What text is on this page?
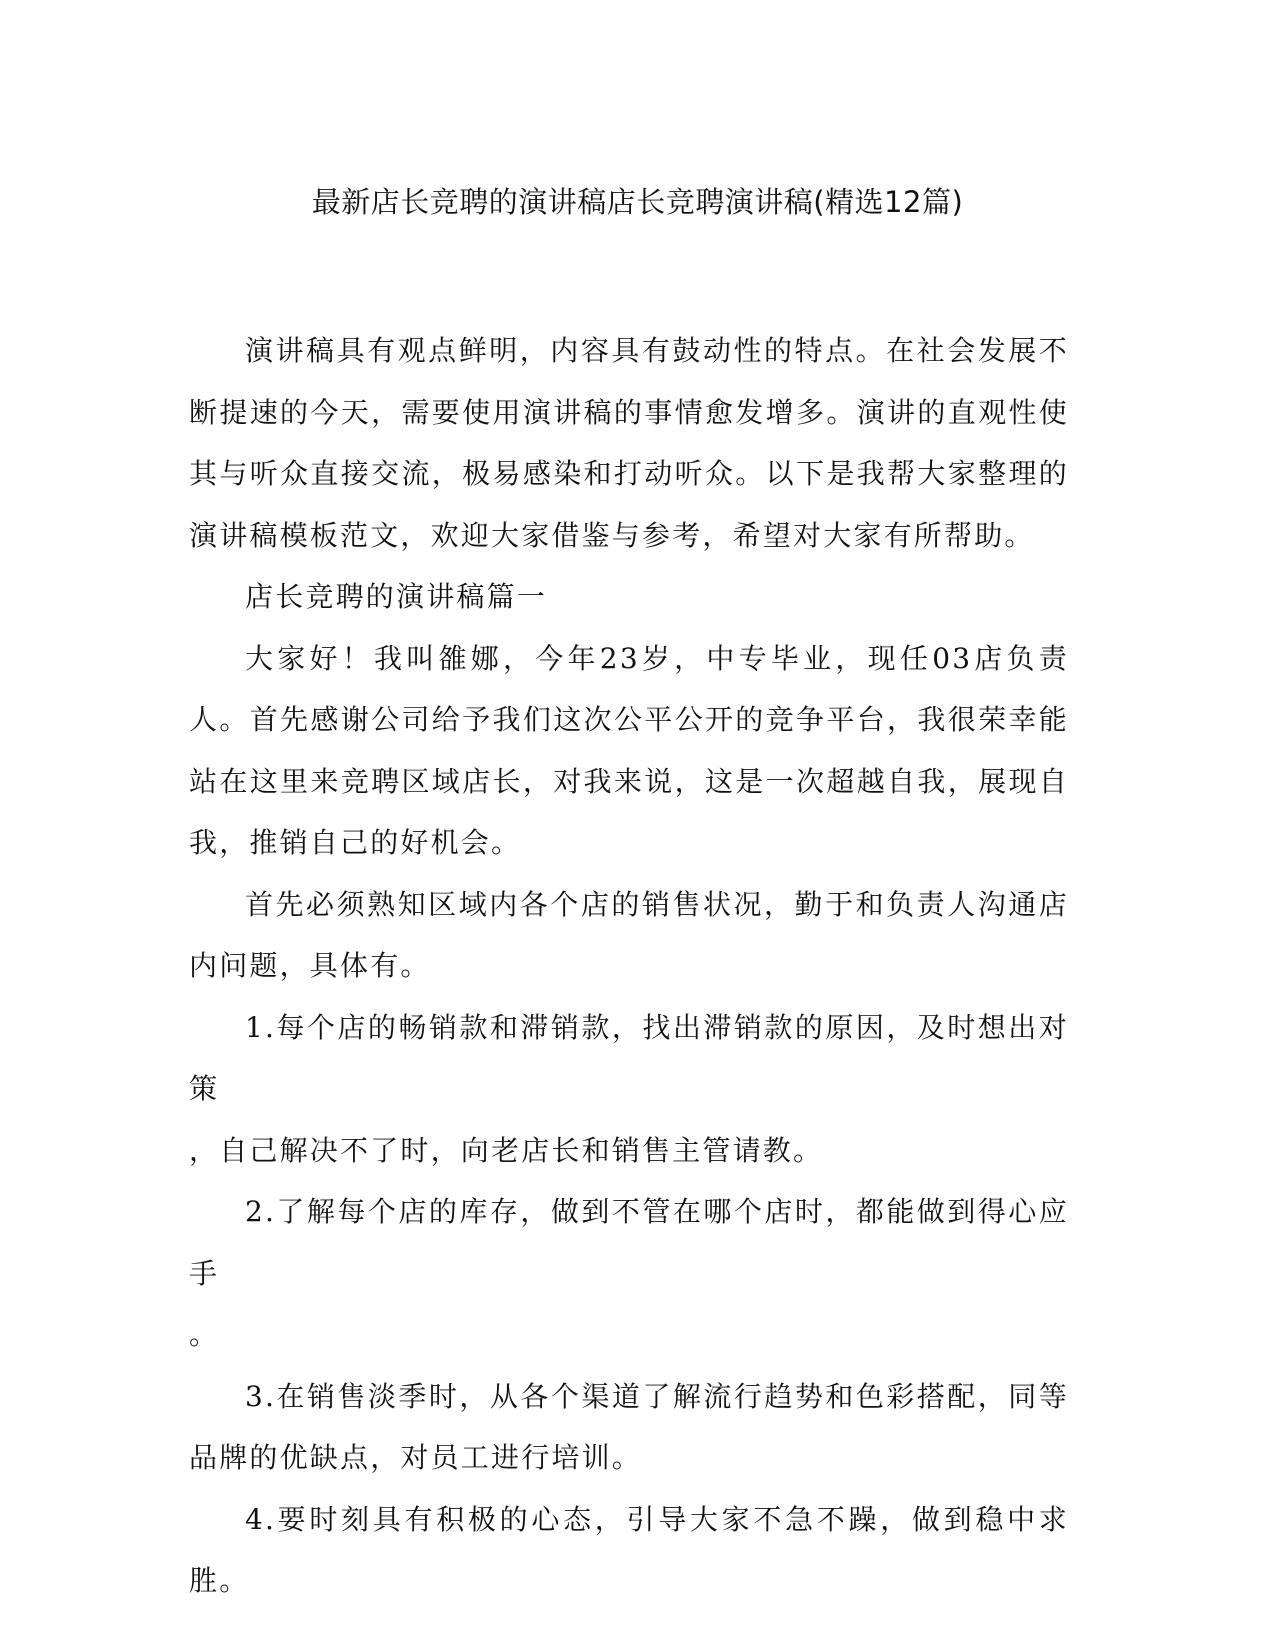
最新店长竞聘的演讲稿店长竞聘演讲稿(精选12篇)

演讲稿具有观点鲜明，内容具有鼓动性的特点。在社会发展不断提速的今天，需要使用演讲稿的事情愈发增多。演讲的直观性使其与听众直接交流，极易感染和打动听众。以下是我帮大家整理的演讲稿模板范文，欢迎大家借鉴与参考，希望对大家有所帮助。

店长竞聘的演讲稿篇一

大家好！我叫雒娜，今年23岁，中专毕业，现任03店负责人。首先感谢公司给予我们这次公平公开的竞争平台，我很荣幸能站在这里来竞聘区域店长，对我来说，这是一次超越自我，展现自我，推销自己的好机会。

首先必须熟知区域内各个店的销售状况，勤于和负责人沟通店内问题，具体有。

1.每个店的畅销款和滞销款，找出滞销款的原因，及时想出对策

，自己解决不了时，向老店长和销售主管请教。

2.了解每个店的库存，做到不管在哪个店时，都能做到得心应手

。

3.在销售淡季时，从各个渠道了解流行趋势和色彩搭配，同等品牌的优缺点，对员工进行培训。

4.要时刻具有积极的心态，引导大家不急不躁，做到稳中求胜。
